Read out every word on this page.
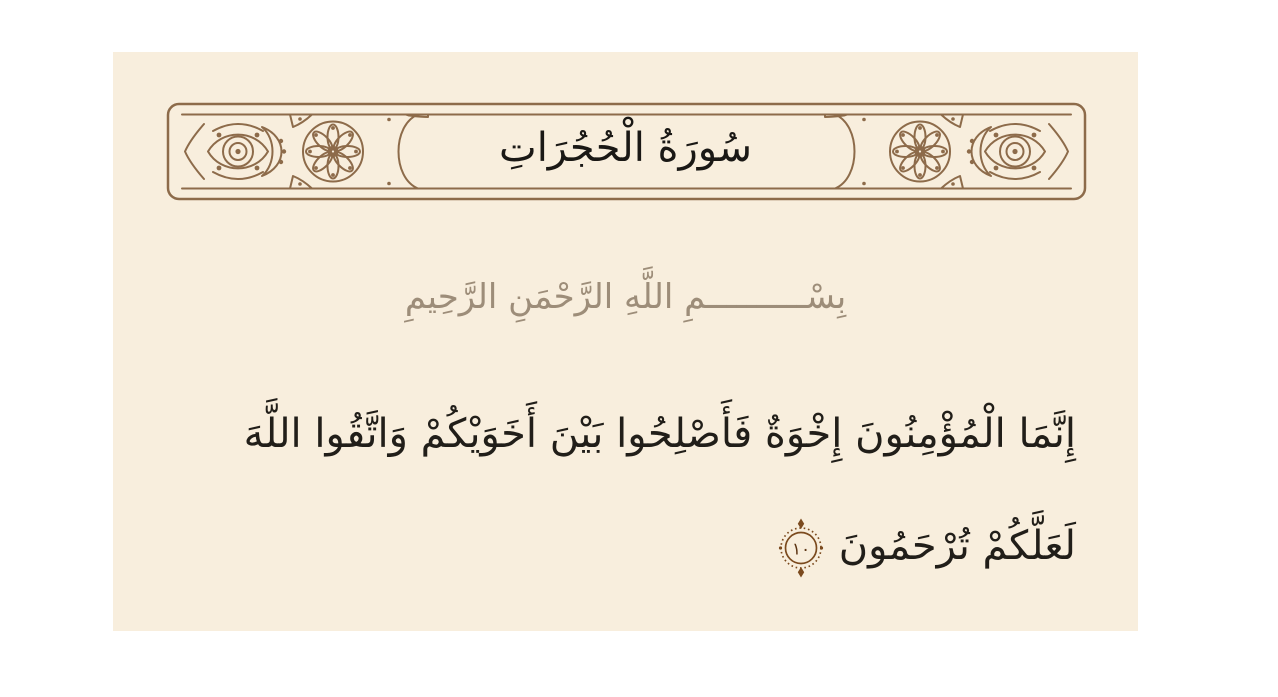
سُورَةُ الْحُجُرَاتِ
بِسْــــــــــمِ اللَّهِ الرَّحْمَنِ الرَّحِيمِ
إِنَّمَا الْمُؤْمِنُونَ إِخْوَةٌ فَأَصْلِحُوا بَيْنَ أَخَوَيْكُمْ وَاتَّقُوا اللَّهَ
لَعَلَّكُمْ تُرْحَمُونَ
١٠
